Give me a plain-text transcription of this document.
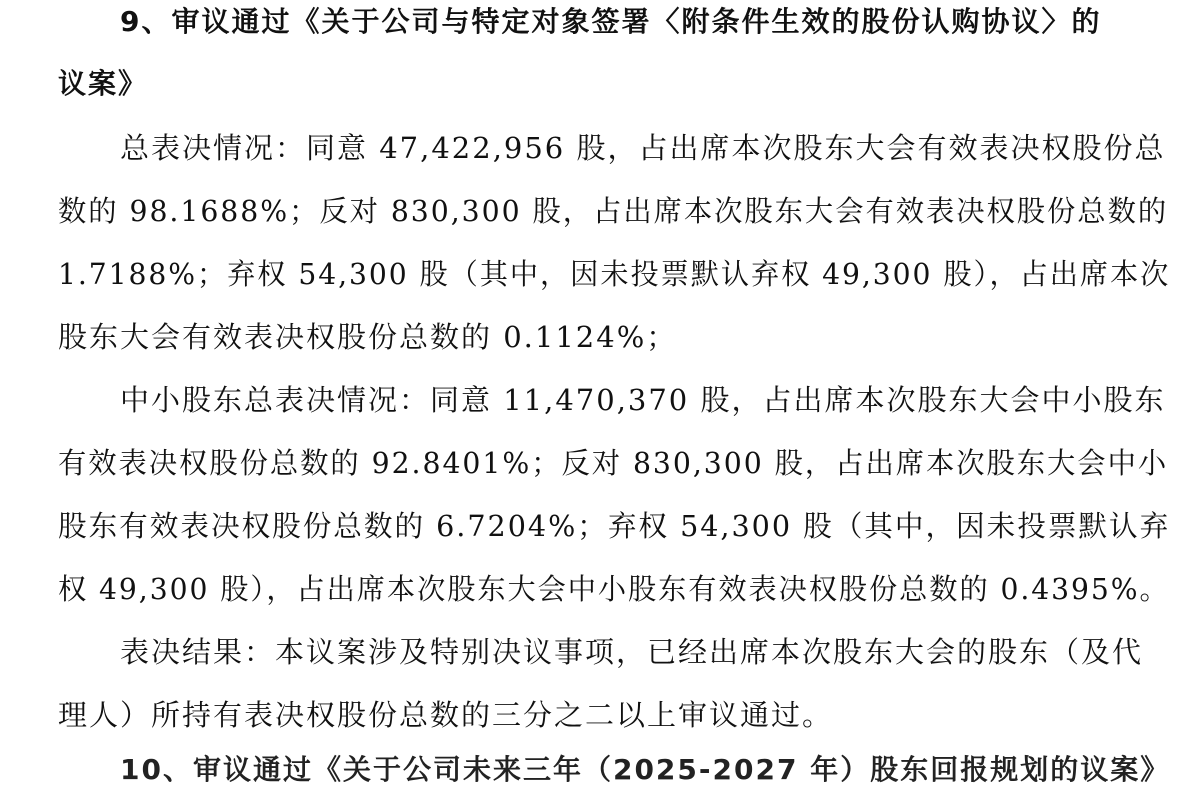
9、审议通过《关于公司与特定对象签署〈附条件生效的股份认购协议〉的
议案》
总表决情况：同意 47,422,956 股，占出席本次股东大会有效表决权股份总
数的 98.1688%；反对 830,300 股，占出席本次股东大会有效表决权股份总数的
1.7188%；弃权 54,300 股（其中，因未投票默认弃权 49,300 股），占出席本次
股东大会有效表决权股份总数的 0.1124%；
中小股东总表决情况：同意 11,470,370 股，占出席本次股东大会中小股东
有效表决权股份总数的 92.8401%；反对 830,300 股，占出席本次股东大会中小
股东有效表决权股份总数的 6.7204%；弃权 54,300 股（其中，因未投票默认弃
权 49,300 股），占出席本次股东大会中小股东有效表决权股份总数的 0.4395%。
表决结果：本议案涉及特别决议事项，已经出席本次股东大会的股东（及代
理人）所持有表决权股份总数的三分之二以上审议通过。
10、审议通过《关于公司未来三年（2025-2027 年）股东回报规划的议案》
